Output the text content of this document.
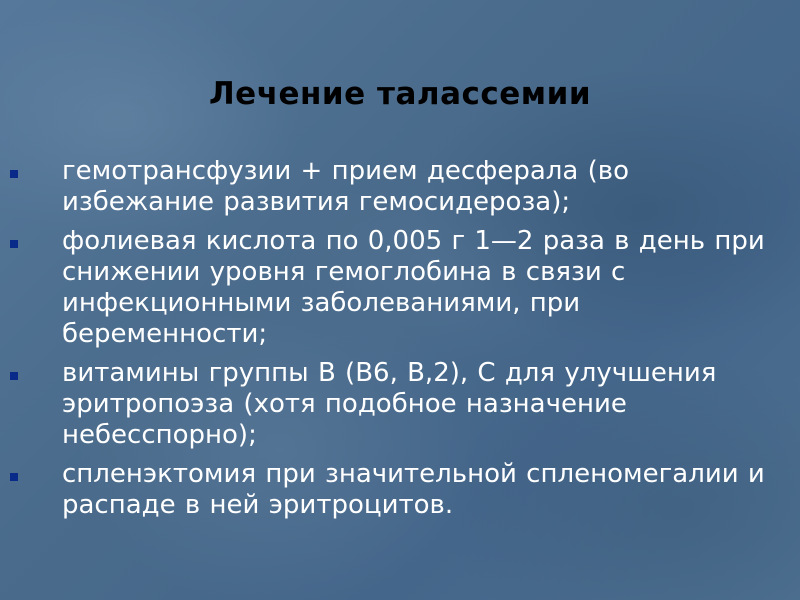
Лечение талассемии
гемотрансфузии + прием десферала (во избежание развития гемосидероза);
фолиевая кислота по 0,005 г 1—2 раза в день при снижении уровня гемоглобина в связи с инфекционными заболеваниями, при беременности;
витамины группы В (В6, В,2), С для улучшения эритропоэза (хотя подобное назначение небесспорно);
спленэктомия при значительной спленомегалии и распаде в ней эритроцитов.
